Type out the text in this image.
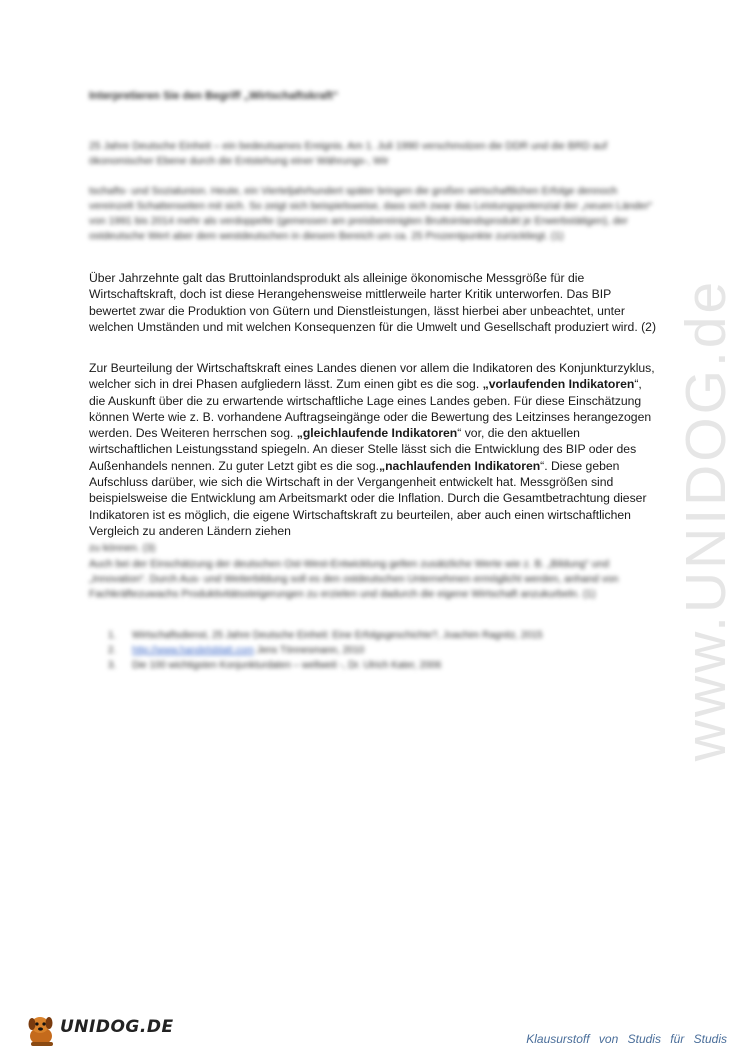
www.UNIDOG.de
Interpretieren Sie den Begriff „Wirtschaftskraft“

25 Jahre Deutsche Einheit – ein bedeutsames Ereignis. Am 1. Juli 1990 verschmolzen die DDR und die BRD auf ökonomischer Ebene durch die Entstehung einer Währungs-, Wir

tschafts- und Sozialunion. Heute, ein Vierteljahrhundert später bringen die großen wirtschaftlichen Erfolge dennoch vereinzelt Schattenseiten mit sich. So zeigt sich beispielsweise, dass sich zwar das Leistungspotenzial der „neuen Länder“ von 1991 bis 2014 mehr als verdoppelte (gemessen am preisbereinigten Bruttoinlandsprodukt je Erwerbstätigen), der ostdeutsche Wert aber dem westdeutschen in diesem Bereich um ca. 25 Prozentpunkte zurückliegt. (1)

Über Jahrzehnte galt das Bruttoinlandsprodukt als alleinige ökonomische Messgröße für die Wirtschaftskraft, doch ist diese Herangehensweise mittlerweile harter Kritik unterworfen. Das BIP bewertet zwar die Produktion von Gütern und Dienstleistungen, lässt hierbei aber unbeachtet, unter welchen Umständen und mit welchen Konsequenzen für die Umwelt und Gesellschaft produziert wird. (2)

Zur Beurteilung der Wirtschaftskraft eines Landes dienen vor allem die Indikatoren des Konjunkturzyklus, welcher sich in drei Phasen aufgliedern lässt. Zum einen gibt es die sog. „vorlaufenden Indikatoren“, die Auskunft über die zu erwartende wirtschaftliche Lage eines Landes geben. Für diese Einschätzung können Werte wie z. B. vorhandene Auftragseingänge oder die Bewertung des Leitzinses herangezogen werden. Des Weiteren herrschen sog. „gleichlaufende Indikatoren“ vor, die den aktuellen wirtschaftlichen Leistungsstand spiegeln. An dieser Stelle lässt sich die Entwicklung des BIP oder des Außenhandels nennen. Zu guter Letzt gibt es die sog.„nachlaufenden Indikatoren“. Diese geben Aufschluss darüber, wie sich die Wirtschaft in der Vergangenheit entwickelt hat. Messgrößen sind beispielsweise die Entwicklung am Arbeitsmarkt oder die Inflation. Durch die Gesamtbetrachtung dieser Indikatoren ist es möglich, die eigene Wirtschaftskraft zu beurteilen, aber auch einen wirtschaftlichen Vergleich zu anderen Ländern ziehen
zu können. (3)

Auch bei der Einschätzung der deutschen Ost-West-Entwicklung gelten zusätzliche Werte wie z. B. „Bildung“ und „Innovation“. Durch Aus- und Weiterbildung soll es den ostdeutschen Unternehmen ermöglicht werden, anhand von Fachkräftezuwachs Produktivitätssteigerungen zu erzielen und dadurch die eigene Wirtschaft anzukurbeln. (1)

1. Wirtschaftsdienst, 25 Jahre Deutsche Einheit: Eine Erfolgsgeschichte?, Joachim Ragnitz, 2015
2. http://www.handelsblatt.com Jens Tönnesmann, 2010
3. Die 100 wichtigsten Konjunkturdaten – weltweit -, Dr. Ulrich Kater, 2006
UNIDOG.DE
Klausurstoff von Studis für Studis
